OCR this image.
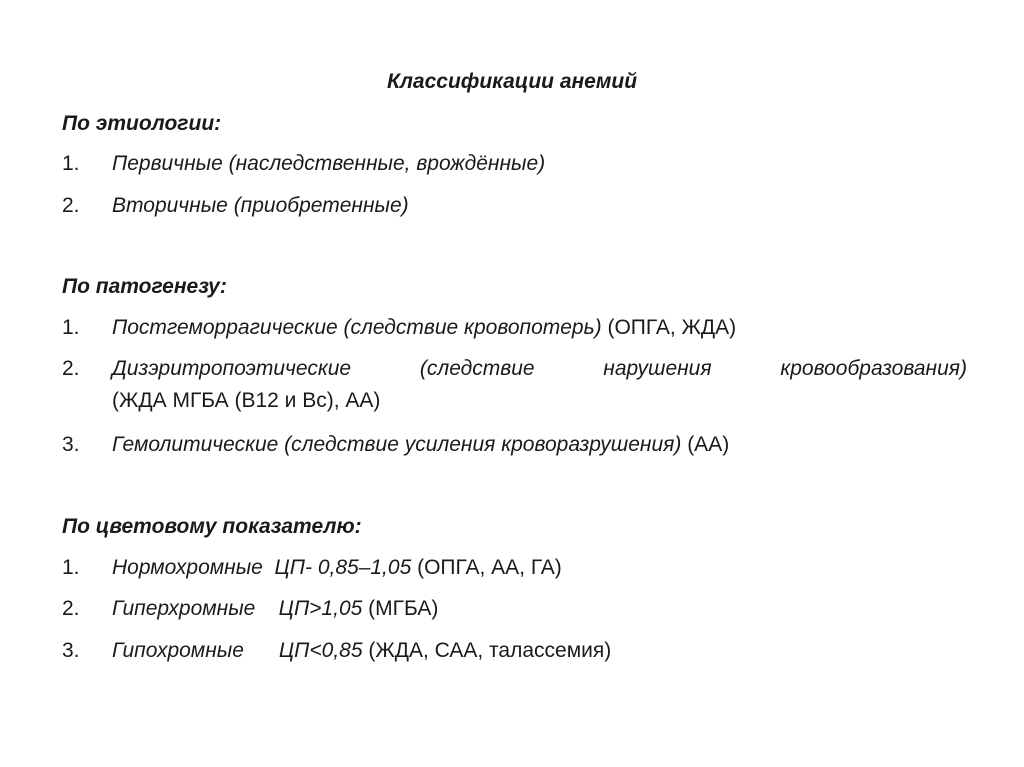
Классификации анемий
По этиологии:
1. Первичные (наследственные, врождённые)
2. Вторичные (приобретенные)
По патогенезу:
1. Постгеморрагические (следствие кровопотерь) (ОПГА, ЖДА)
2. Дизэритропоэтические (следствие нарушения кровообразования)
(ЖДА МГБА (В12 и Вс), АА)
3. Гемолитические (следствие усиления кроворазрушения) (АА)
По цветовому показателю:
1. Нормохромные  ЦП- 0,85–1,05 (ОПГА, АА, ГА)
2. Гиперхромные    ЦП>1,05 (МГБА)
3. Гипохромные      ЦП<0,85 (ЖДА, САА, талассемия)
